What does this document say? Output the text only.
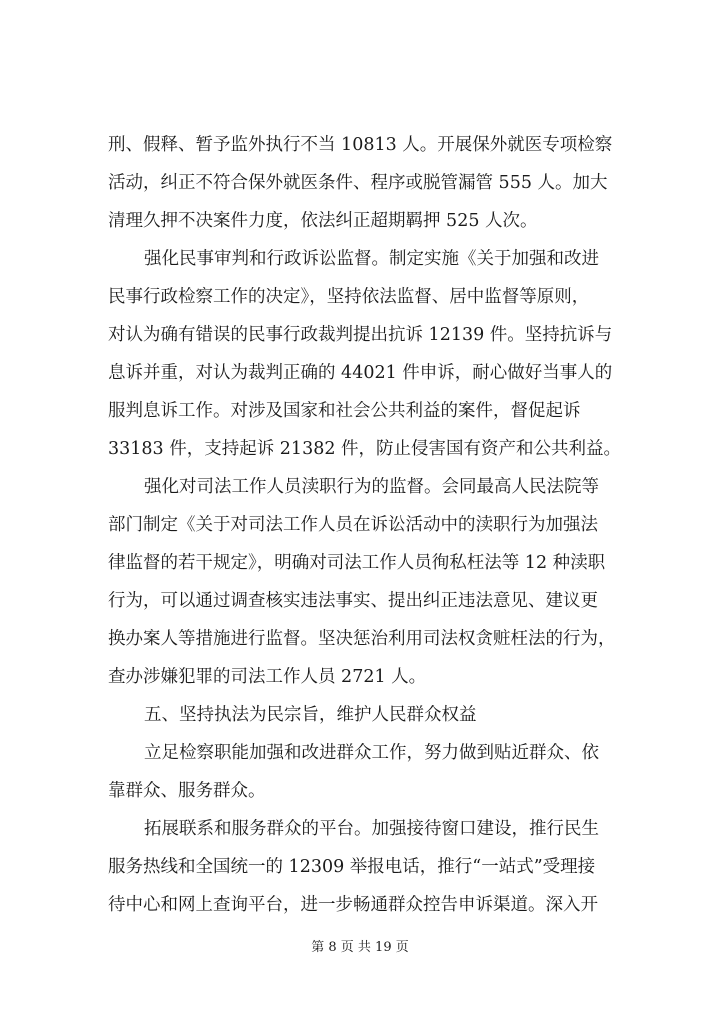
刑、假释、暂予监外执行不当 10813 人。开展保外就医专项检察
活动，纠正不符合保外就医条件、程序或脱管漏管 555 人。加大
清理久押不决案件力度，依法纠正超期羁押 525 人次。
强化民事审判和行政诉讼监督。制定实施《关于加强和改进
民事行政检察工作的决定》，坚持依法监督、居中监督等原则，
对认为确有错误的民事行政裁判提出抗诉 12139 件。坚持抗诉与
息诉并重，对认为裁判正确的 44021 件申诉，耐心做好当事人的
服判息诉工作。对涉及国家和社会公共利益的案件，督促起诉
33183 件，支持起诉 21382 件，防止侵害国有资产和公共利益。
强化对司法工作人员渎职行为的监督。会同最高人民法院等
部门制定《关于对司法工作人员在诉讼活动中的渎职行为加强法
律监督的若干规定》，明确对司法工作人员徇私枉法等 12 种渎职
行为，可以通过调查核实违法事实、提出纠正违法意见、建议更
换办案人等措施进行监督。坚决惩治利用司法权贪赃枉法的行为，
查办涉嫌犯罪的司法工作人员 2721 人。
五、坚持执法为民宗旨，维护人民群众权益
立足检察职能加强和改进群众工作，努力做到贴近群众、依
靠群众、服务群众。
拓展联系和服务群众的平台。加强接待窗口建设，推行民生
服务热线和全国统一的 12309 举报电话，推行“一站式”受理接
待中心和网上查询平台，进一步畅通群众控告申诉渠道。深入开
第 8 页 共 19 页
